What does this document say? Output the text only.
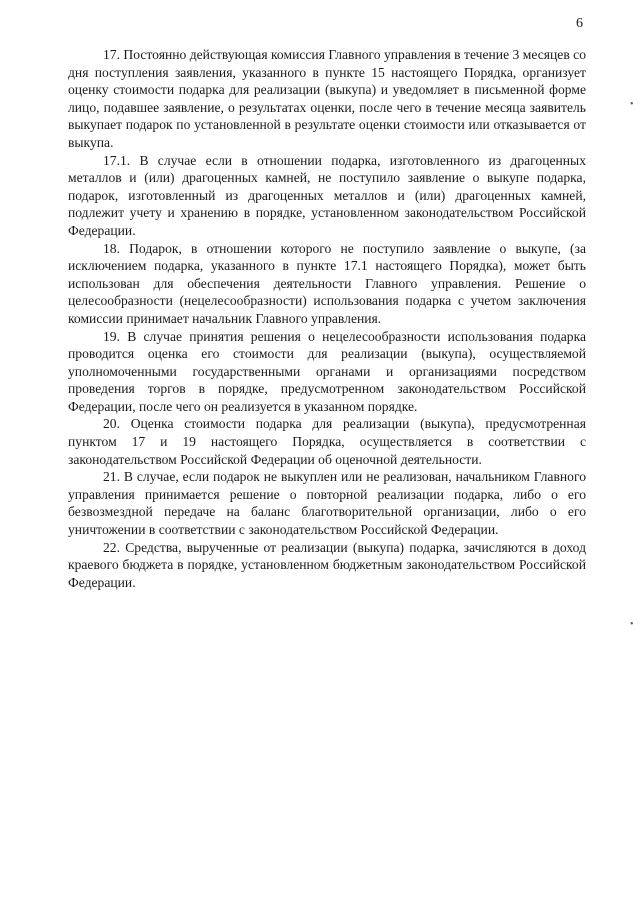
6

17. Постоянно действующая комиссия Главного управления в течение 3 месяцев со дня поступления заявления, указанного в пункте 15 настоящего Порядка, организует оценку стоимости подарка для реализации (выкупа) и уведомляет в письменной форме лицо, подавшее заявление, о результатах оценки, после чего в течение месяца заявитель выкупает подарок по установленной в результате оценки стоимости или отказывается от выкупа.

17.1. В случае если в отношении подарка, изготовленного из драгоценных металлов и (или) драгоценных камней, не поступило заявление о выкупе подарка, подарок, изготовленный из драгоценных металлов и (или) драгоценных камней, подлежит учету и хранению в порядке, установленном законодательством Российской Федерации.

18. Подарок, в отношении которого не поступило заявление о выкупе, (за исключением подарка, указанного в пункте 17.1 настоящего Порядка), может быть использован для обеспечения деятельности Главного управления. Решение о целесообразности (нецелесообразности) использования подарка с учетом заключения комиссии принимает начальник Главного управления.

19. В случае принятия решения о нецелесообразности использования подарка проводится оценка его стоимости для реализации (выкупа), осуществляемой уполномоченными государственными органами и организациями посредством проведения торгов в порядке, предусмотренном законодательством Российской Федерации, после чего он реализуется в указанном порядке.

20. Оценка стоимости подарка для реализации (выкупа), предусмотренная пунктом 17 и 19 настоящего Порядка, осуществляется в соответствии с законодательством Российской Федерации об оценочной деятельности.

21. В случае, если подарок не выкуплен или не реализован, начальником Главного управления принимается решение о повторной реализации подарка, либо о его безвозмездной передаче на баланс благотворительной организации, либо о его уничтожении в соответствии с законодательством Российской Федерации.

22. Средства, вырученные от реализации (выкупа) подарка, зачисляются в доход краевого бюджета в порядке, установленном бюджетным законодательством Российской Федерации.

•
•
